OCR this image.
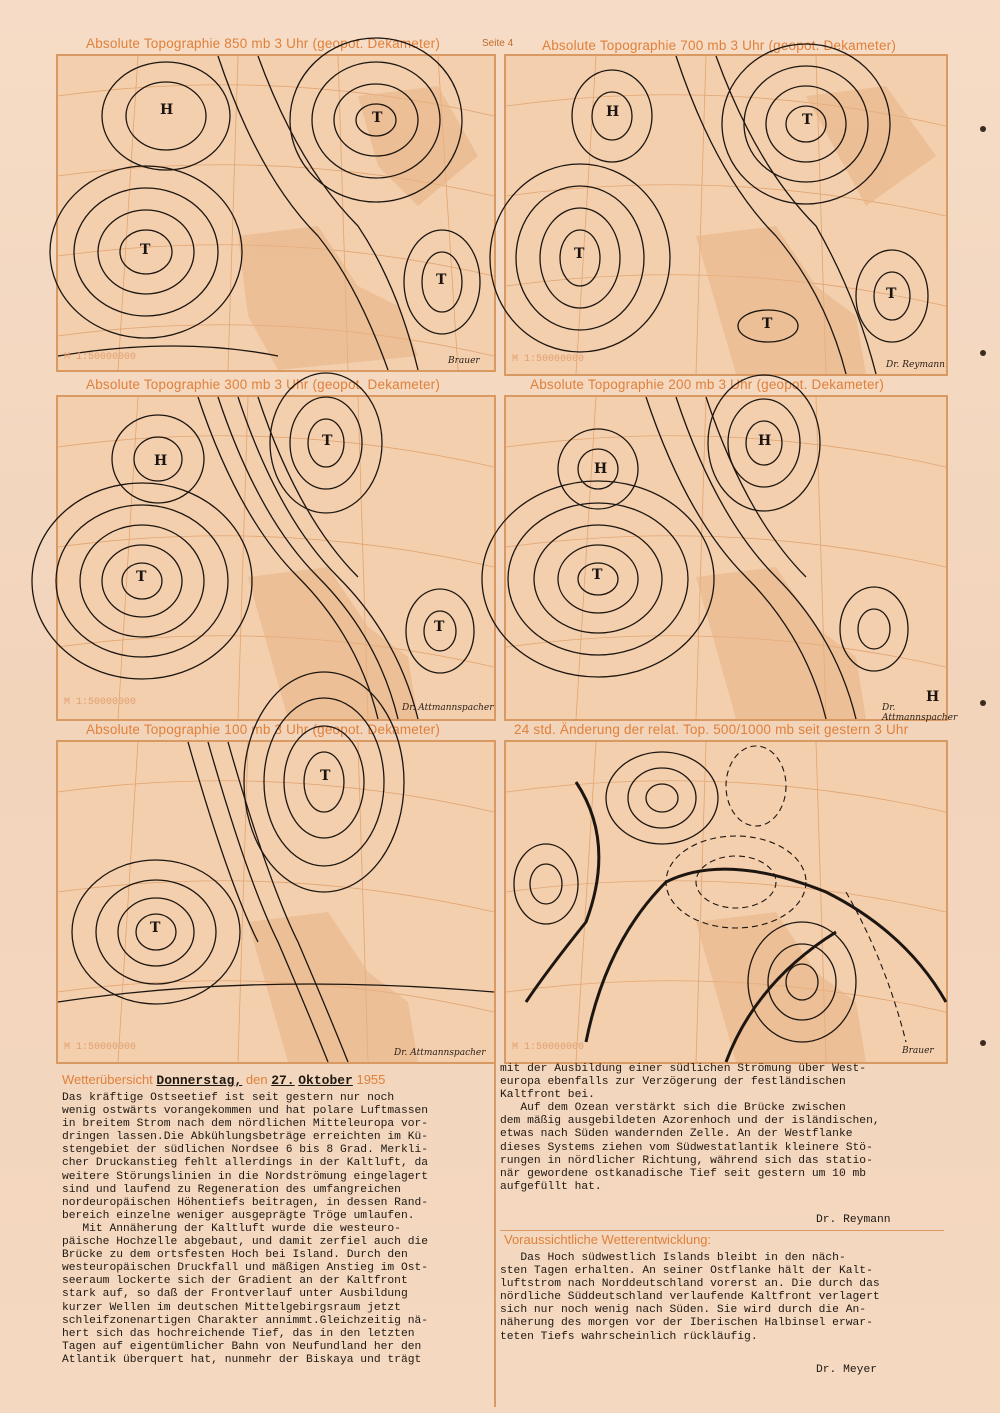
Absolute Topographie 850 mb 3 Uhr (geopot. Dekameter)	Seite 4 Absolute Topographie 700 mb 3 Uhr (geopot. Dekameter)
Absolute Topographie 300 mb 3 Uhr (geopot. Dekameter)	Absolute Topographie 200 mb 3 Uhr (geopot. Dekameter)
Absolute Topographie 100 mb 3 Uhr (geopot. Dekameter)	24 std. Änderung der relat. Top. 500/1000 mb seit gestern 3 Uhr
H
T
T
T
M 1:50000000	Brauer
H
T
T
T
T
M 1:50000000	Dr. Reymann
H
T
T
T
M 1:50000000	Dr. Attmannspacher
H
T
H
H
Dr. Attmannspacher
T
T
M 1:50000000	Dr. Attmannspacher	M 1:50000000	Brauer
Wetterübersicht Donnerstag, den 27. Oktober 1955
Das kräftige Ostseetief ist seit gestern nur noch
wenig ostwärts vorangekommen und hat polare Luftmassen
in breitem Strom nach dem nördlichen Mitteleuropa vor-
dringen lassen.Die Abkühlungsbeträge erreichten im Kü-
stengebiet der südlichen Nordsee 6 bis 8 Grad. Merkli-
cher Druckanstieg fehlt allerdings in der Kaltluft, da
weitere Störungslinien in die Nordströmung eingelagert
sind und laufend zu Regeneration des umfangreichen
nordeuropäischen Höhentiefs beitragen, in dessen Rand-
bereich einzelne weniger ausgeprägte Tröge umlaufen.
Mit Annäherung der Kaltluft wurde die westeuro-
päische Hochzelle abgebaut, und damit zerfiel auch die
Brücke zu dem ortsfesten Hoch bei Island. Durch den
westeuropäischen Druckfall und mäßigen Anstieg im Ost-
seeraum lockerte sich der Gradient an der Kaltfront
stark auf, so daß der Frontverlauf unter Ausbildung
kurzer Wellen im deutschen Mittelgebirgsraum jetzt
schleifzonenartigen Charakter annimmt.Gleichzeitig nä-
hert sich das hochreichende Tief, das in den letzten
Tagen auf eigentümlicher Bahn von Neufundland her den
Atlantik überquert hat, nunmehr der Biskaya und trägt
mit der Ausbildung einer südlichen Strömung über West-
europa ebenfalls zur Verzögerung der festländischen
Kaltfront bei.
Auf dem Ozean verstärkt sich die Brücke zwischen
dem mäßig ausgebildeten Azorenhoch und der isländischen,
etwas nach Süden wandernden Zelle. An der Westflanke
dieses Systems ziehen vom Südwestatlantik kleinere Stö-
rungen in nördlicher Richtung, während sich das statio-
när gewordene ostkanadische Tief seit gestern um 10 mb
aufgefüllt hat.
Dr. Reymann
Voraussichtliche Wetterentwicklung:
Das Hoch südwestlich Islands bleibt in den näch-
sten Tagen erhalten. An seiner Ostflanke hält der Kalt-
luftstrom nach Norddeutschland vorerst an. Die durch das
nördliche Süddeutschland verlaufende Kaltfront verlagert
sich nur noch wenig nach Süden. Sie wird durch die An-
näherung des morgen vor der Iberischen Halbinsel erwar-
teten Tiefs wahrscheinlich rückläufig.
Dr. Meyer
